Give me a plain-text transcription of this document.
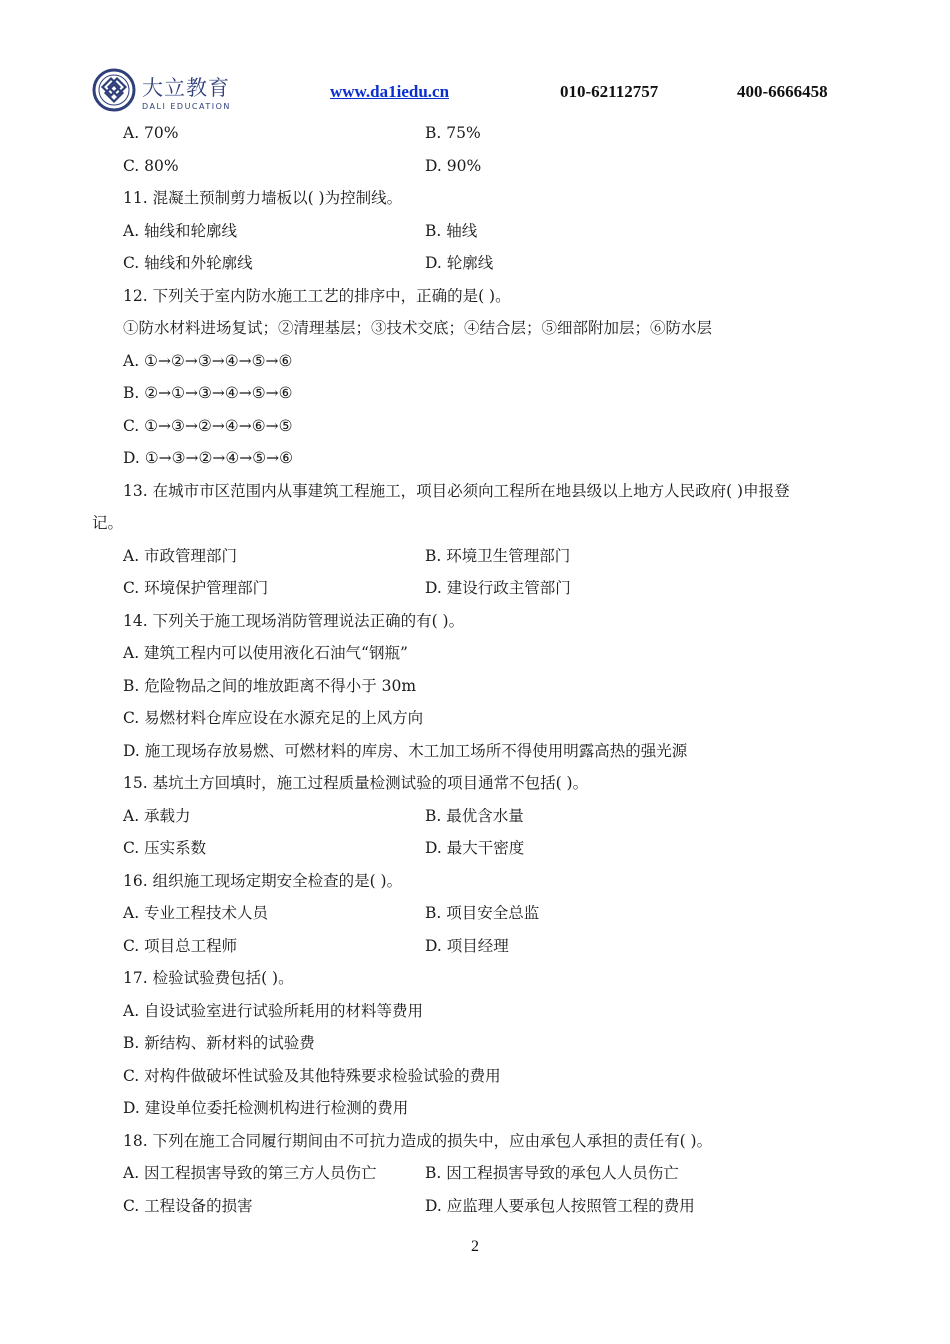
大立教育
DALI EDUCATION
www.da1iedu.cn	010-62112757	400-6666458
A. 70%	B. 75%
C. 80%	D. 90%
11. 混凝土预制剪力墙板以( )为控制线。
A. 轴线和轮廓线	B. 轴线
C. 轴线和外轮廓线	D. 轮廓线
12. 下列关于室内防水施工工艺的排序中，正确的是( )。
①防水材料进场复试；②清理基层；③技术交底；④结合层；⑤细部附加层；⑥防水层
A. ①→②→③→④→⑤→⑥
B. ②→①→③→④→⑤→⑥
C. ①→③→②→④→⑥→⑤
D. ①→③→②→④→⑤→⑥
13. 在城市市区范围内从事建筑工程施工，项目必须向工程所在地县级以上地方人民政府( )申报登
记。
A. 市政管理部门	B. 环境卫生管理部门
C. 环境保护管理部门	D. 建设行政主管部门
14. 下列关于施工现场消防管理说法正确的有( )。
A. 建筑工程内可以使用液化石油气“钢瓶”
B. 危险物品之间的堆放距离不得小于 30m
C. 易燃材料仓库应设在水源充足的上风方向
D. 施工现场存放易燃、可燃材料的库房、木工加工场所不得使用明露高热的强光源
15. 基坑土方回填时，施工过程质量检测试验的项目通常不包括( )。
A. 承载力	B. 最优含水量
C. 压实系数	D. 最大干密度
16. 组织施工现场定期安全检查的是( )。
A. 专业工程技术人员	B. 项目安全总监
C. 项目总工程师	D. 项目经理
17. 检验试验费包括( )。
A. 自设试验室进行试验所耗用的材料等费用
B. 新结构、新材料的试验费
C. 对构件做破坏性试验及其他特殊要求检验试验的费用
D. 建设单位委托检测机构进行检测的费用
18. 下列在施工合同履行期间由不可抗力造成的损失中，应由承包人承担的责任有( )。
A. 因工程损害导致的第三方人员伤亡	B. 因工程损害导致的承包人人员伤亡
C. 工程设备的损害	D. 应监理人要承包人按照管工程的费用
2
